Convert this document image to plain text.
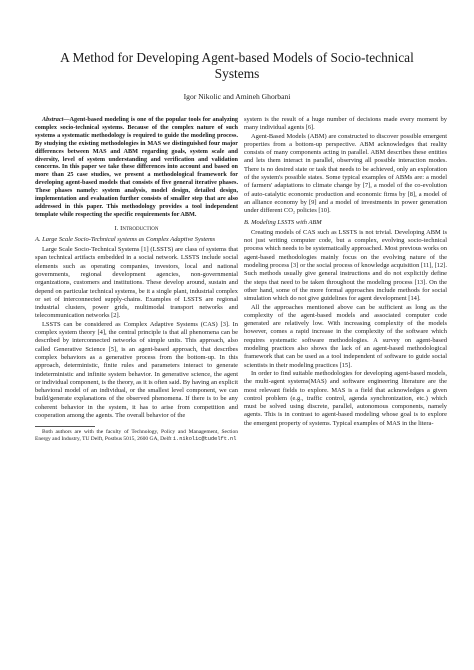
A Method for Developing Agent-based Models of Socio-technical Systems
Igor Nikolic and Amineh Ghorbani

Abstract—Agent-based modeling is one of the popular tools for analyzing complex socio-technical systems. Because of the complex nature of such systems a systematic methodology is required to guide the modeling process. By studying the existing methodologies in MAS we distinguished four major differences between MAS and ABM regarding goals, system scale and diversity, level of system understanding and verification and validation concerns. In this paper we take these differences into account and based on more than 25 case studies, we present a methodological framework for developing agent-based models that consists of five general iterative phases. These phases namely: system analysis, model design, detailed design, implementation and evaluation further consists of smaller step that are also addressed in this paper. This methodology provides a tool independent template while respecting the specific requirements for ABM.

I. Introduction
A. Large Scale Socio-Technical systems as Complex Adaptive Systems

Large Scale Socio-Technical Systems [1] (LSSTS) are class of systems that span technical artifacts embedded in a social network. LSSTS include social elements such as operating companies, investors, local and national governments, regional development agencies, non-governmental organizations, customers and institutions. These develop around, sustain and depend on particular technical systems, be it a single plant, industrial complex or set of interconnected supply-chains. Examples of LSSTS are regional industrial clusters, power grids, multimodal transport networks and telecommunication networks [2].

LSSTS can be considered as Complex Adaptive Systems (CAS) [3]. In complex system theory [4], the central principle is that all phenomena can be described by interconnected networks of simple units. This approach, also called Generative Science [5], is an agent-based approach, that describes complex behaviors as a generative process from the bottom-up. In this approach, deterministic, finite rules and parameters interact to generate indeterministic and infinite system behavior. In generative science, the agent or individual component, is the theory, as it is often said. By having an explicit behavioral model of an individual, or the smallest level component, we can build/generate explanations of the observed phenomena. If there is to be any coherent behavior in the system, it has to arise from competition and cooperation among the agents. The overall behavior of the

Both authors are with the faculty of Technology, Policy and Management, Section Energy and Industry, TU Delft, Postbus 5015, 2600 GA, Delft i.nikolic@tudelft.nl

system is the result of a huge number of decisions made every moment by many individual agents [6].

Agent-Based Models (ABM) are constructed to discover possible emergent properties from a bottom-up perspective. ABM acknowledges that reality consists of many components acting in parallel. ABM describes these entities and lets them interact in parallel, observing all possible interaction modes. There is no desired state or task that needs to be achieved, only an exploration of the system's possible states. Some typical examples of ABMs are: a model of farmers' adaptations to climate change by [7], a model of the co-evolution of auto-catalytic economic production and economic firms by [8], a model of an alliance economy by [9] and a model of investments in power generation under different CO₂ policies [10].

B. Modeling LSSTS with ABM

Creating models of CAS such as LSSTS is not trivial. Developing ABM is not just writing computer code, but a complex, evolving socio-technical process which needs to be systematically approached. Most previous works on agent-based methodologies mainly focus on the evolving nature of the modeling process [3] or the social process of knowledge acquisition [11], [12]. Such methods usually give general instructions and do not explicitly define the steps that need to be taken throughout the modeling process [13]. On the other hand, some of the more formal approaches include methods for social simulation which do not give guidelines for agent development [14].

All the approaches mentioned above can be sufficient as long as the complexity of the agent-based models and associated computer code generated are relatively low. With increasing complexity of the models however, comes a rapid increase in the complexity of the software which requires systematic software methodologies. A survey on agent-based modeling practices also shows the lack of an agent-based methodological framework that can be used as a tool independent of software to guide social scientists in their modeling practices [15].

In order to find suitable methodologies for developing agent-based models, the multi-agent systems(MAS) and software engineering literature are the most relevant fields to explore. MAS is a field that acknowledges a given control problem (e.g., traffic control, agenda synchronization, etc.) which must be solved using discrete, parallel, autonomous components, namely agents. This is in contrast to agent-based modeling whose goal is to explore the emergent property of systems. Typical examples of MAS in the litera-
